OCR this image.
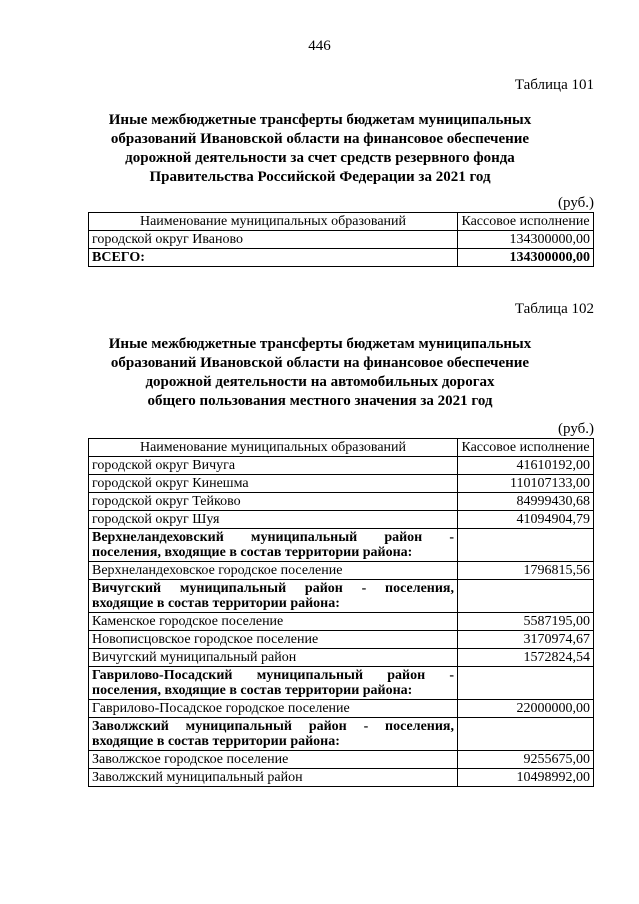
446
Таблица 101
Иные межбюджетные трансферты бюджетам муниципальных
образований Ивановской области на финансовое обеспечение
дорожной деятельности за счет средств резервного фонда
Правительства Российской Федерации за 2021 год
(руб.)
Наименование муниципальных образований	Кассовое исполнение
городской округ Иваново	134300000,00
ВСЕГО:	134300000,00
Таблица 102
Иные межбюджетные трансферты бюджетам муниципальных
образований Ивановской области на финансовое обеспечение
дорожной деятельности на автомобильных дорогах
общего пользования местного значения за 2021 год
(руб.)
Наименование муниципальных образований	Кассовое исполнение
городской округ Вичуга	41610192,00
городской округ Кинешма	110107133,00
городской округ Тейково	84999430,68
городской округ Шуя	41094904,79
Верхнеландеховский муниципальный район - поселения, входящие в состав территории района:	
Верхнеландеховское городское поселение	1796815,56
Вичугский муниципальный район - поселения, входящие в состав территории района:	
Каменское городское поселение	5587195,00
Новописцовское городское поселение	3170974,67
Вичугский муниципальный район	1572824,54
Гаврилово-Посадский муниципальный район - поселения, входящие в состав территории района:	
Гаврилово-Посадское городское поселение	22000000,00
Заволжский муниципальный район - поселения, входящие в состав территории района:	
Заволжское городское поселение	9255675,00
Заволжский муниципальный район	10498992,00
